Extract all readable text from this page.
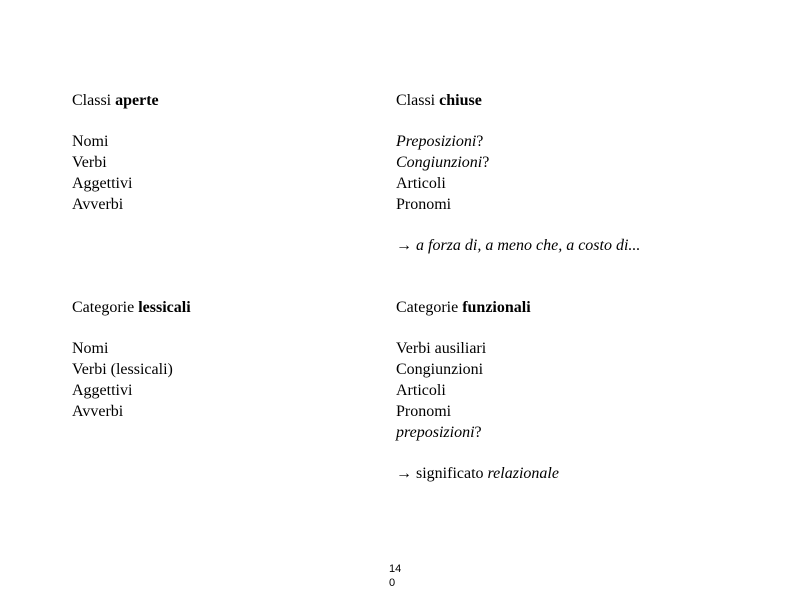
Classi aperte	Classi chiuse
Nomi
Verbi
Aggettivi
Avverbi
Preposizioni?
Congiunzioni?
Articoli
Pronomi
→ a forza di, a meno che, a costo di...
Categorie lessicali	Categorie funzionali
Nomi
Verbi (lessicali)
Aggettivi
Avverbi
Verbi ausiliari
Congiunzioni
Articoli
Pronomi
preposizioni?
→ significato relazionale
14
0
